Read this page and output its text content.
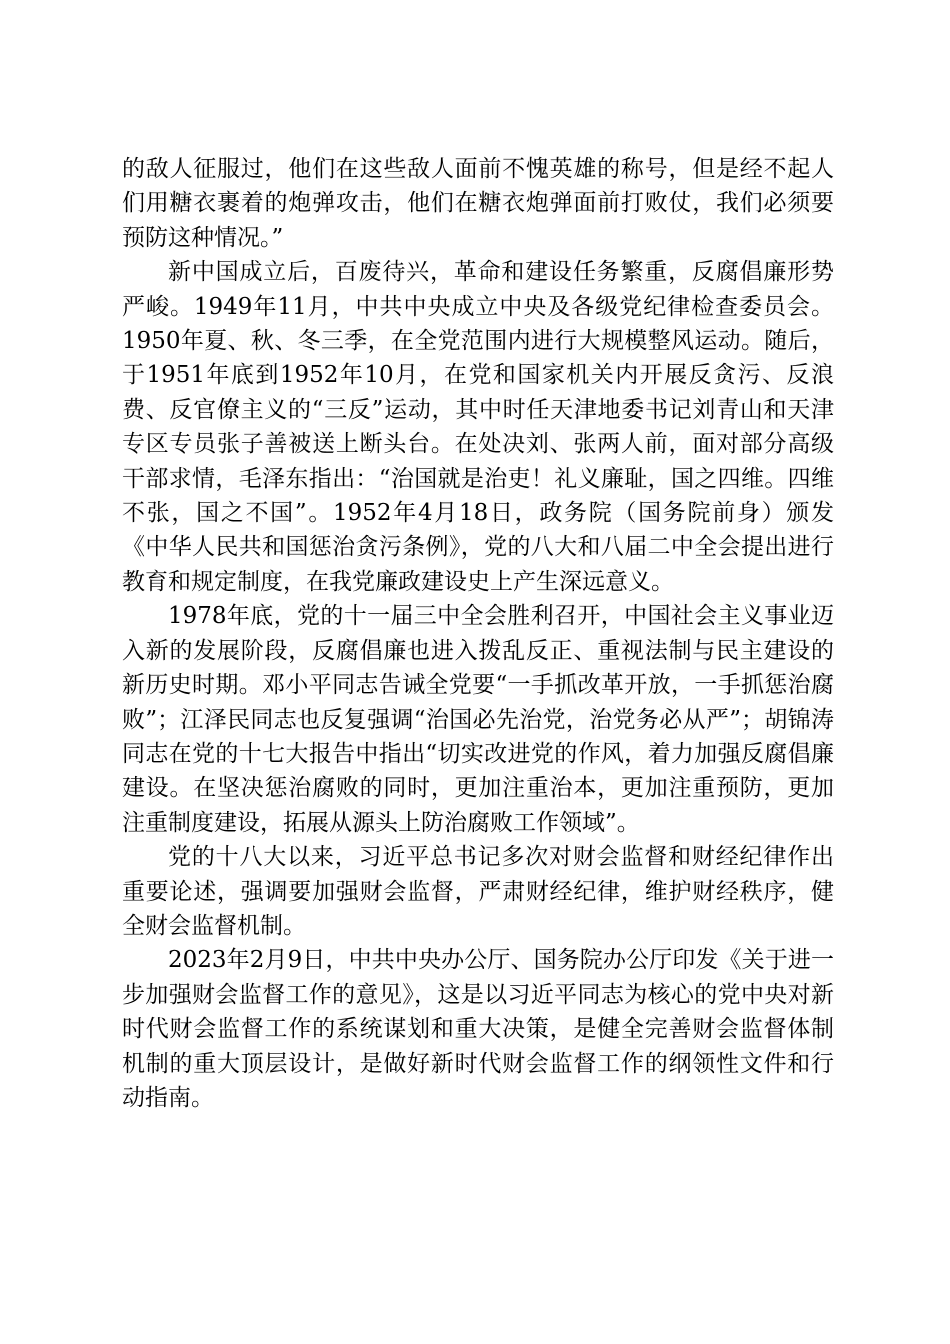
的敌人征服过，他们在这些敌人面前不愧英雄的称号，但是经不起人们用糖衣裹着的炮弹攻击，他们在糖衣炮弹面前打败仗，我们必须要预防这种情况。”

新中国成立后，百废待兴，革命和建设任务繁重，反腐倡廉形势严峻。1949年11月，中共中央成立中央及各级党纪律检查委员会。1950年夏、秋、冬三季，在全党范围内进行大规模整风运动。随后，于1951年底到1952年10月，在党和国家机关内开展反贪污、反浪费、反官僚主义的“三反”运动，其中时任天津地委书记刘青山和天津专区专员张子善被送上断头台。在处决刘、张两人前，面对部分高级干部求情，毛泽东指出：“治国就是治吏！礼义廉耻，国之四维。四维不张，国之不国”。1952年4月18日，政务院（国务院前身）颁发《中华人民共和国惩治贪污条例》，党的八大和八届二中全会提出进行教育和规定制度，在我党廉政建设史上产生深远意义。

1978年底，党的十一届三中全会胜利召开，中国社会主义事业迈入新的发展阶段，反腐倡廉也进入拨乱反正、重视法制与民主建设的新历史时期。邓小平同志告诫全党要“一手抓改革开放，一手抓惩治腐败”；江泽民同志也反复强调“治国必先治党，治党务必从严”；胡锦涛同志在党的十七大报告中指出“切实改进党的作风，着力加强反腐倡廉建设。在坚决惩治腐败的同时，更加注重治本，更加注重预防，更加注重制度建设，拓展从源头上防治腐败工作领域”。

党的十八大以来，习近平总书记多次对财会监督和财经纪律作出重要论述，强调要加强财会监督，严肃财经纪律，维护财经秩序，健全财会监督机制。

2023年2月9日，中共中央办公厅、国务院办公厅印发《关于进一步加强财会监督工作的意见》，这是以习近平同志为核心的党中央对新时代财会监督工作的系统谋划和重大决策，是健全完善财会监督体制机制的重大顶层设计，是做好新时代财会监督工作的纲领性文件和行动指南。
